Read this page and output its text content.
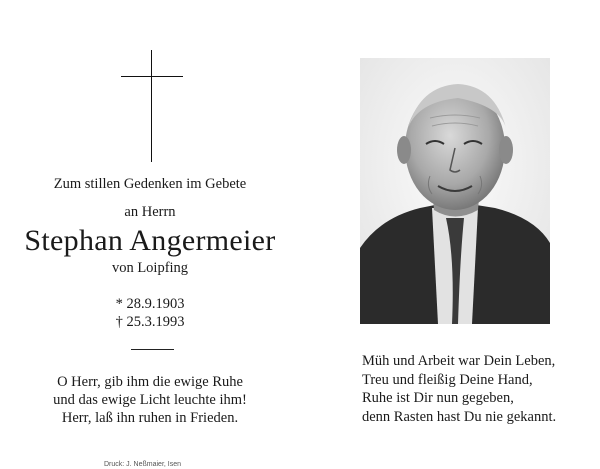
Zum stillen Gedenken im Gebete
an Herrn
Stephan Angermeier
von Loipfing
* 28.9.1903
† 25.3.1993
O Herr, gib ihm die ewige Ruhe
und das ewige Licht leuchte ihm!
Herr, laß ihn ruhen in Frieden.
Müh und Arbeit war Dein Leben,
Treu und fleißig Deine Hand,
Ruhe ist Dir nun gegeben,
denn Rasten hast Du nie gekannt.
Druck: J. Neßmaier, Isen
